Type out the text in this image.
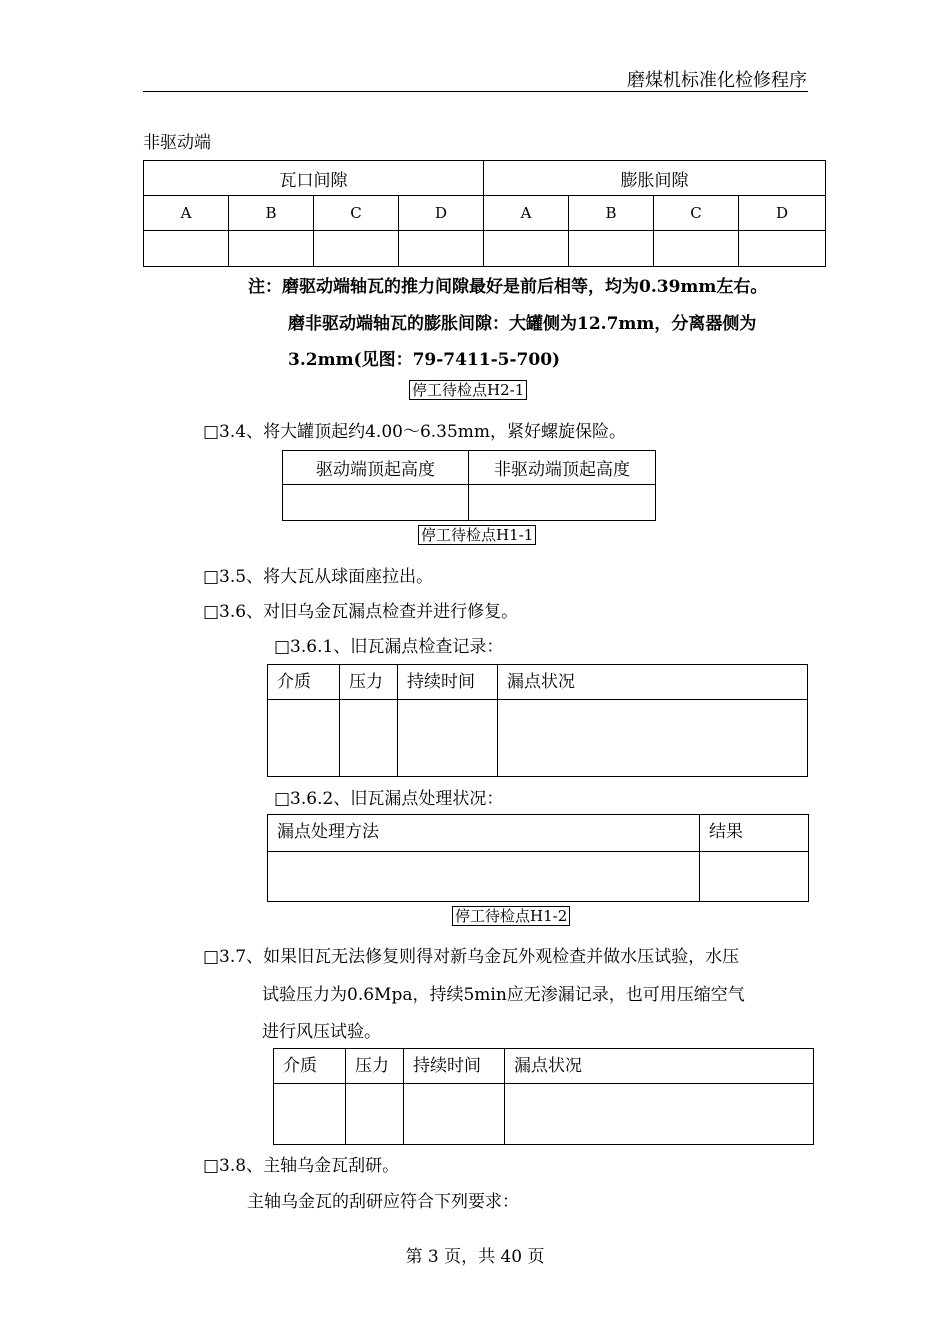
磨煤机标准化检修程序
非驱动端
瓦口间隙				膨胀间隙			
A	B	C	D	A	B	C	D

注：磨驱动端轴瓦的推力间隙最好是前后相等，均为0.39mm左右。
磨非驱动端轴瓦的膨胀间隙：大罐侧为12.7mm，分离器侧为
3.2mm(见图：79-7411-5-700)
停工待检点H2-1
□3.4、将大罐顶起约4.00～6.35mm，紧好螺旋保险。
驱动端顶起高度	非驱动端顶起高度

停工待检点H1-1
□3.5、将大瓦从球面座拉出。
□3.6、对旧乌金瓦漏点检查并进行修复。
□3.6.1、旧瓦漏点检查记录：
介质	压力	持续时间	漏点状况

□3.6.2、旧瓦漏点处理状况：
漏点处理方法	结果

停工待检点H1-2
□3.7、如果旧瓦无法修复则得对新乌金瓦外观检查并做水压试验，水压
试验压力为0.6Mpa，持续5min应无渗漏记录，也可用压缩空气
进行风压试验。
介质	压力	持续时间	漏点状况

□3.8、主轴乌金瓦刮研。
主轴乌金瓦的刮研应符合下列要求：
第 3 页，共 40 页
